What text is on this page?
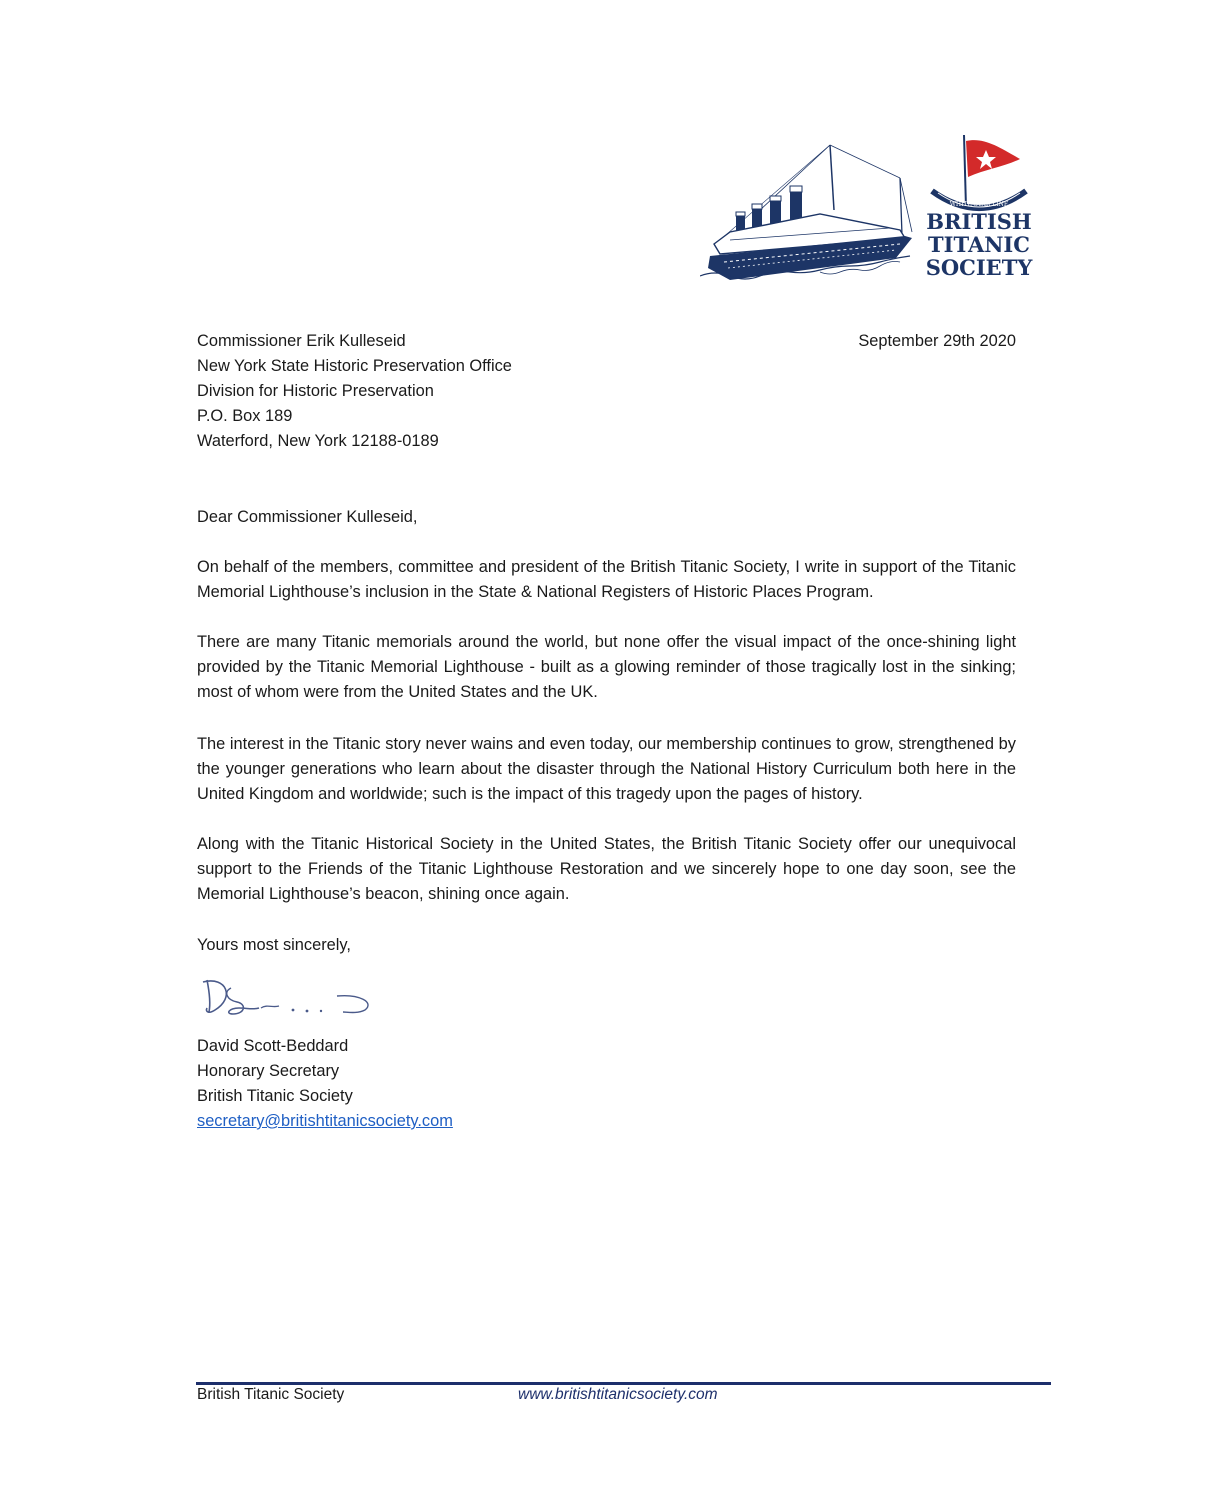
WHITE STAR LINE
BRITISH
TITANIC
SOCIETY
Commissioner Erik Kulleseid
New York State Historic Preservation Office
Division for Historic Preservation
P.O. Box 189
Waterford, New York 12188-0189
September 29th 2020
Dear Commissioner Kulleseid,
On behalf of the members, committee and president of the British Titanic Society, I write in support of the Titanic Memorial Lighthouse’s inclusion in the State & National Registers of Historic Places Program.
There are many Titanic memorials around the world, but none offer the visual impact of the once-shining light provided by the Titanic Memorial Lighthouse - built as a glowing reminder of those tragically lost in the sinking; most of whom were from the United States and the UK.
The interest in the Titanic story never wains and even today, our membership continues to grow, strengthened by the younger generations who learn about the disaster through the National History Curriculum both here in the United Kingdom and worldwide; such is the impact of this tragedy upon the pages of history.
Along with the Titanic Historical Society in the United States, the British Titanic Society offer our unequivocal support to the Friends of the Titanic Lighthouse Restoration and we sincerely hope to one day soon, see the Memorial Lighthouse’s beacon, shining once again.
Yours most sincerely,
David Scott-Beddard
Honorary Secretary
British Titanic Society
secretary@britishtitanicsociety.com
British Titanic Society	www.britishtitanicsociety.com
